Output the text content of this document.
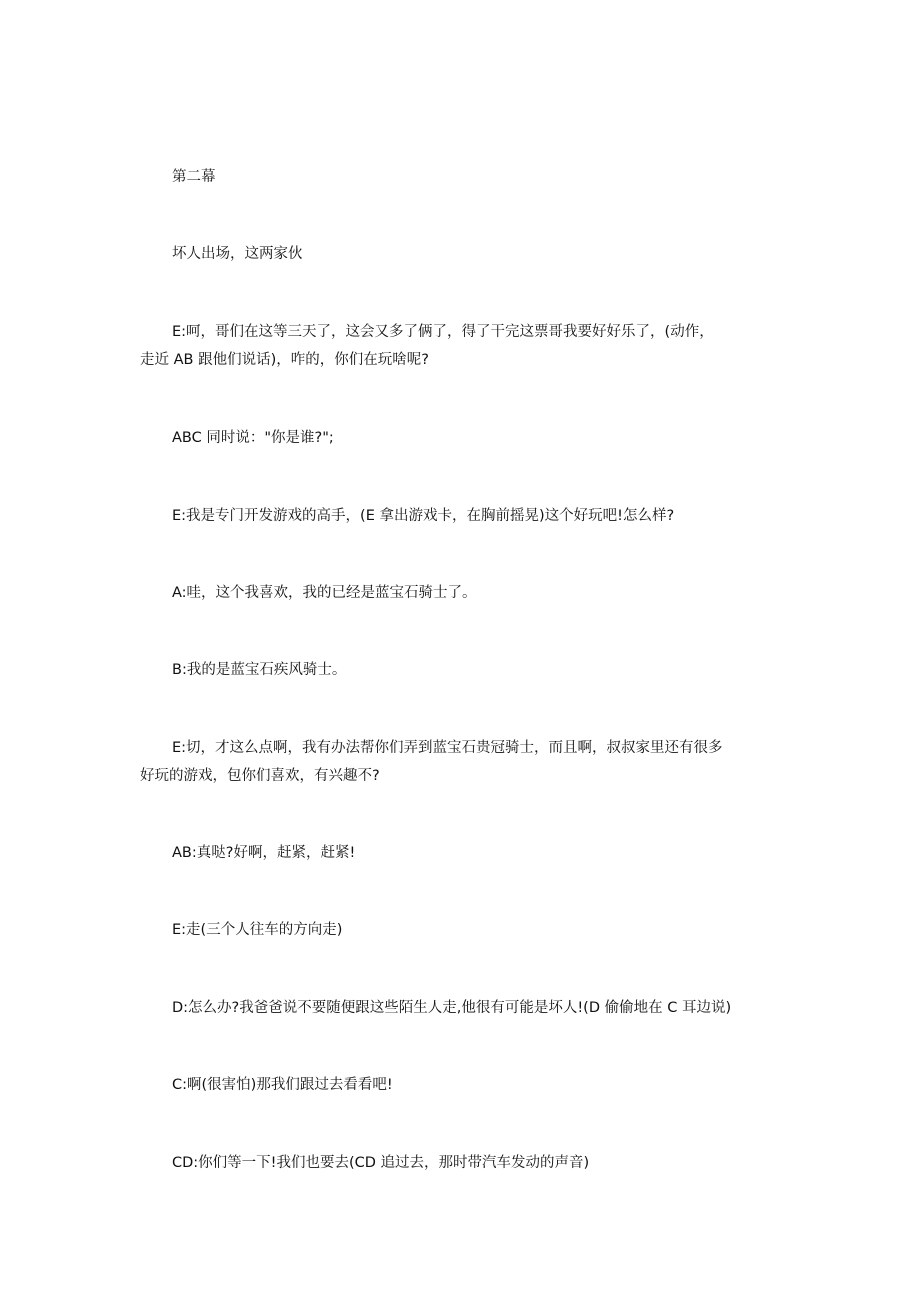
第二幕
坏人出场，这两家伙
E:呵，哥们在这等三天了，这会又多了俩了，得了干完这票哥我要好好乐了，(动作，
走近 AB 跟他们说话)，咋的，你们在玩啥呢?
ABC 同时说："你是谁?";
E:我是专门开发游戏的高手，(E 拿出游戏卡，在胸前摇晃)这个好玩吧!怎么样?
A:哇，这个我喜欢，我的已经是蓝宝石骑士了。
B:我的是蓝宝石疾风骑士。
E:切，才这么点啊，我有办法帮你们弄到蓝宝石贵冠骑士，而且啊，叔叔家里还有很多
好玩的游戏，包你们喜欢，有兴趣不?
AB:真哒?好啊，赶紧，赶紧!
E:走(三个人往车的方向走)
D:怎么办?我爸爸说不要随便跟这些陌生人走,他很有可能是坏人!(D 偷偷地在 C 耳边说)
C:啊(很害怕)那我们跟过去看看吧!
CD:你们等一下!我们也要去(CD 追过去，那时带汽车发动的声音)
